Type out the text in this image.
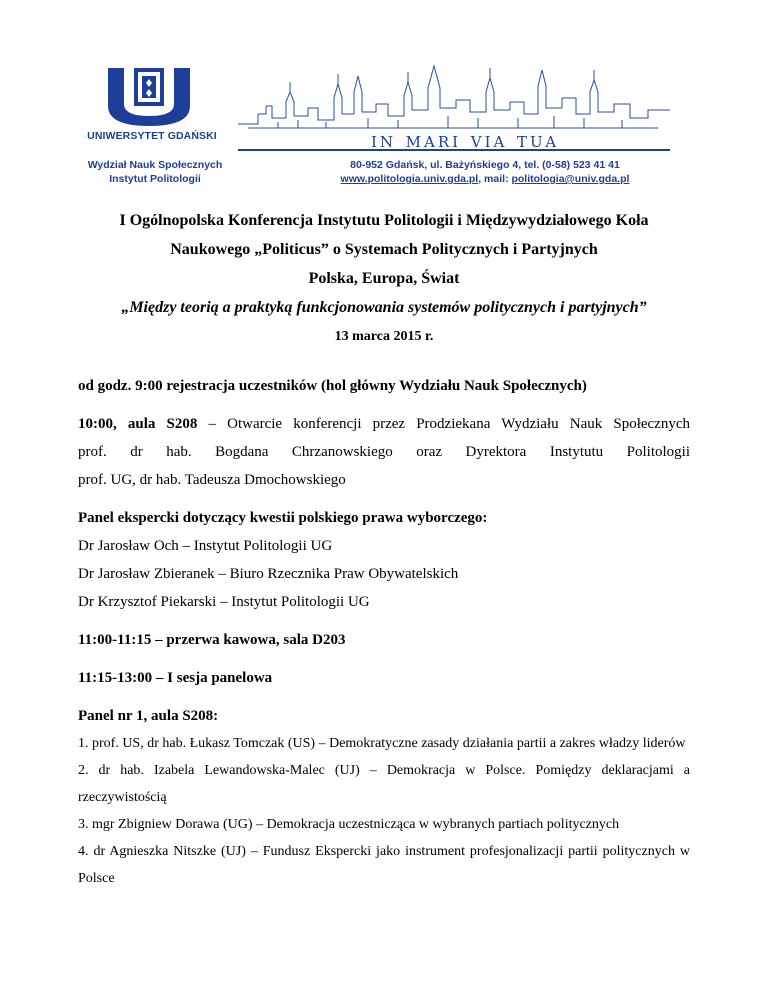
UNIWERSYTET GDAŃSKI
Wydział Nauk Społecznych
Instytut Politologii
in mari via tua
80-952 Gdańsk, ul. Bażyńskiego 4, tel. (0-58) 523 41 41
www.politologia.univ.gda.pl, mail: politologia@univ.gda.pl

I Ogólnopolska Konferencja Instytutu Politologii i Międzywydziałowego Koła

Naukowego „Politicus” o Systemach Politycznych i Partyjnych

Polska, Europa, Świat

„Między teorią a praktyką funkcjonowania systemów politycznych i partyjnych”

13 marca 2015 r.

od godz. 9:00 rejestracja uczestników (hol główny Wydziału Nauk Społecznych)

10:00, aula S208 – Otwarcie konferencji przez Prodziekana Wydziału Nauk Społecznych

prof. dr hab. Bogdana Chrzanowskiego oraz Dyrektora Instytutu Politologii

prof. UG, dr hab. Tadeusza Dmochowskiego

Panel ekspercki dotyczący kwestii polskiego prawa wyborczego:

Dr Jarosław Och – Instytut Politologii UG

Dr Jarosław Zbieranek – Biuro Rzecznika Praw Obywatelskich

Dr Krzysztof Piekarski – Instytut Politologii UG

11:00-11:15 – przerwa kawowa, sala D203

11:15-13:00 – I sesja panelowa

Panel nr 1, aula S208:

1. prof. US, dr hab. Łukasz Tomczak (US) – Demokratyczne zasady działania partii a zakres władzy liderów

2. dr hab. Izabela Lewandowska-Malec (UJ) – Demokracja w Polsce. Pomiędzy deklaracjami a rzeczywistością

3. mgr Zbigniew Dorawa (UG) – Demokracja uczestnicząca w wybranych partiach politycznych

4. dr Agnieszka Nitszke (UJ) – Fundusz Ekspercki jako instrument profesjonalizacji partii politycznych w Polsce
